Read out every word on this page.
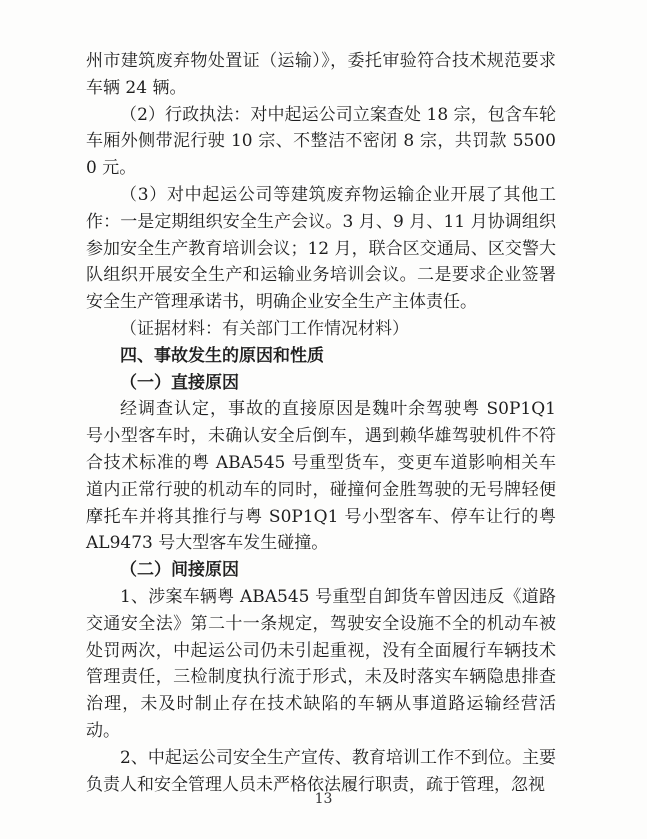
州市建筑废弃物处置证（运输）》，委托审验符合技术规范要求车辆 24 辆。

（2）行政执法：对中起运公司立案查处 18 宗，包含车轮车厢外侧带泥行驶 10 宗、不整洁不密闭 8 宗，共罚款 55000 元。

（3）对中起运公司等建筑废弃物运输企业开展了其他工作：一是定期组织安全生产会议。3 月、9 月、11 月协调组织参加安全生产教育培训会议；12 月，联合区交通局、区交警大队组织开展安全生产和运输业务培训会议。二是要求企业签署安全生产管理承诺书，明确企业安全生产主体责任。

（证据材料：有关部门工作情况材料）

四、事故发生的原因和性质

（一）直接原因

经调查认定，事故的直接原因是魏叶余驾驶粤 S0P1Q1 号小型客车时，未确认安全后倒车，遇到赖华雄驾驶机件不符合技术标准的粤 ABA545 号重型货车，变更车道影响相关车道内正常行驶的机动车的同时，碰撞何金胜驾驶的无号牌轻便摩托车并将其推行与粤 S0P1Q1 号小型客车、停车让行的粤 AL9473 号大型客车发生碰撞。

（二）间接原因

1、涉案车辆粤 ABA545 号重型自卸货车曾因违反《道路交通安全法》第二十一条规定，驾驶安全设施不全的机动车被处罚两次，中起运公司仍未引起重视，没有全面履行车辆技术管理责任，三检制度执行流于形式，未及时落实车辆隐患排查治理，未及时制止存在技术缺陷的车辆从事道路运输经营活动。

2、中起运公司安全生产宣传、教育培训工作不到位。主要负责人和安全管理人员未严格依法履行职责，疏于管理，忽视

13
